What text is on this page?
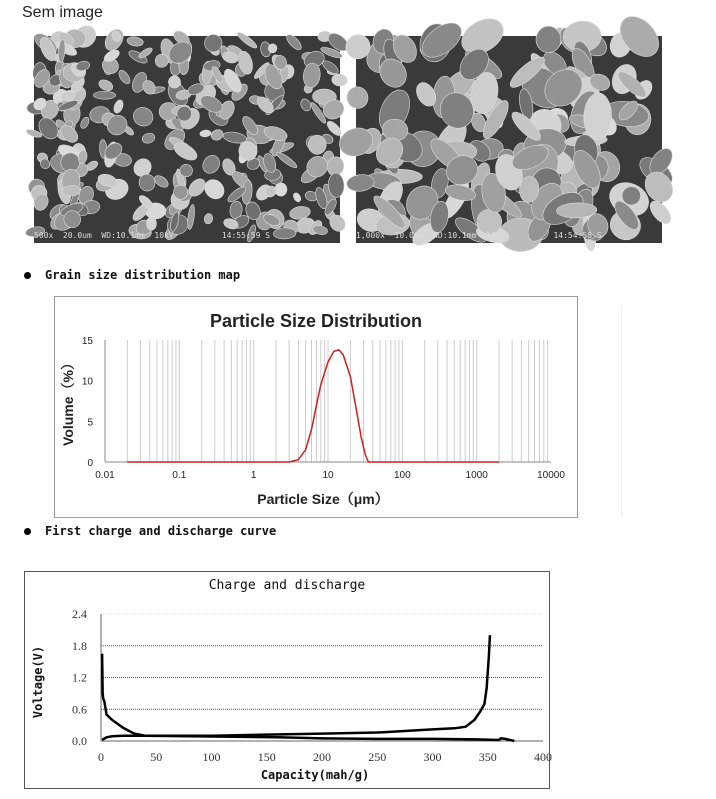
Sem image
500x  20.0um  WD:10.1mm  10kV	14:55:59 S	1,000x  10.0um  WD:10.1mm  10kV	14:54:58 S
Grain size distribution map
Particle Size Distribution
0.01	0.1	1	10	100	1000	10000
0
5
10
15
Particle Size（μm）
Volume（%）
First charge and discharge curve
Charge and discharge
0.0
0.6
1.2
1.8
2.4
0	50	100	150	200	250	300	350	400
Capacity(mah/g)
Voltage(V)
